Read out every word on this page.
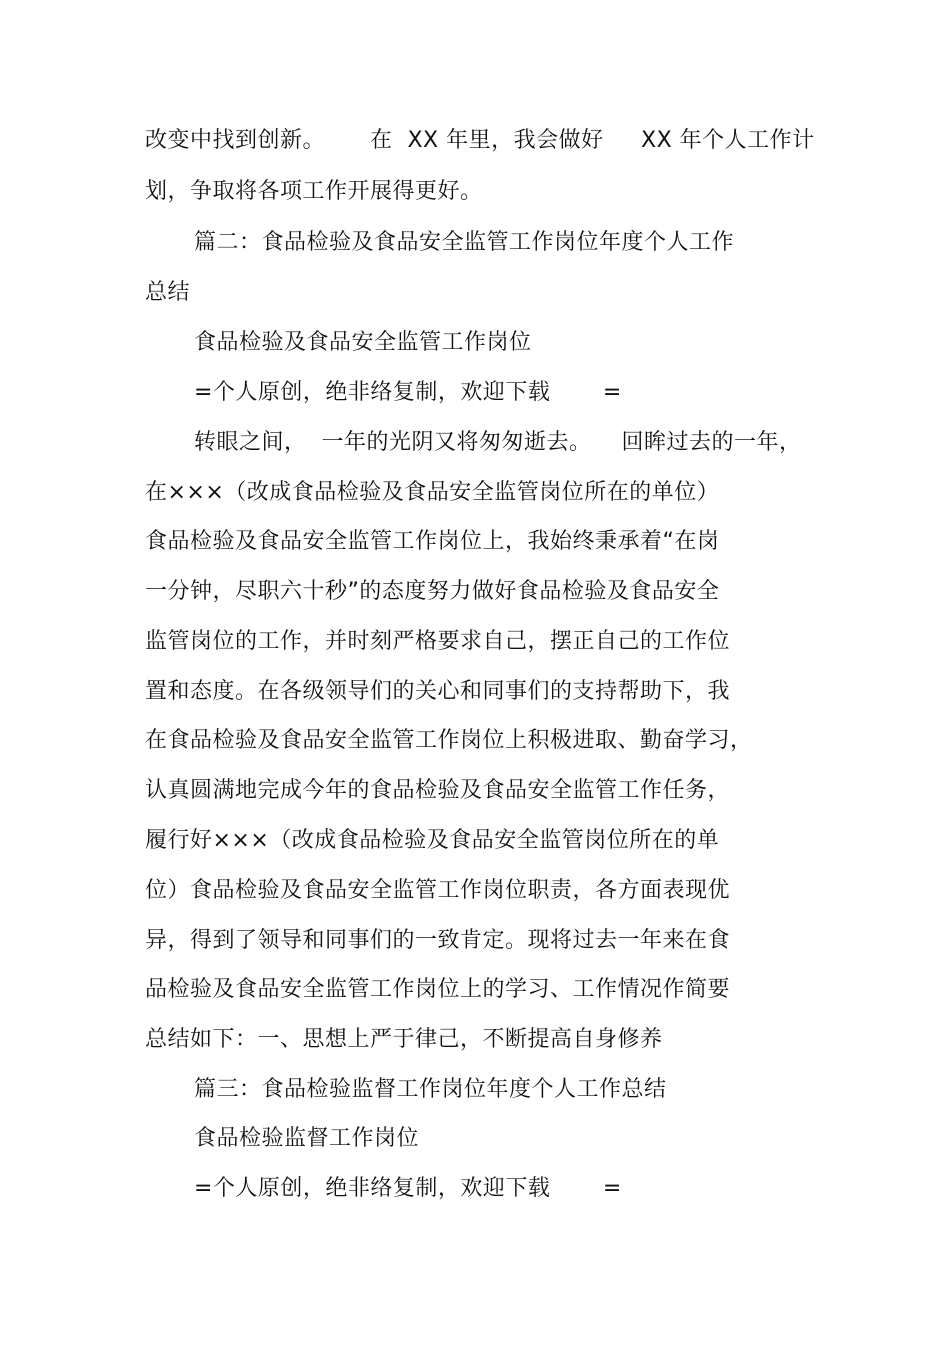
改变中找到创新。      在  XX 年里，我会做好     XX 年个人工作计
划，争取将各项工作开展得更好。
篇二：食品检验及食品安全监管工作岗位年度个人工作
总结
食品检验及食品安全监管工作岗位
=个人原创，绝非络复制，欢迎下载       =
转眼之间，  一年的光阴又将匆匆逝去。    回眸过去的一年，
在×××（改成食品检验及食品安全监管岗位所在的单位）
食品检验及食品安全监管工作岗位上，我始终秉承着“在岗
一分钟，尽职六十秒”的态度努力做好食品检验及食品安全
监管岗位的工作，并时刻严格要求自己，摆正自己的工作位
置和态度。在各级领导们的关心和同事们的支持帮助下，我
在食品检验及食品安全监管工作岗位上积极进取、勤奋学习，
认真圆满地完成今年的食品检验及食品安全监管工作任务，
履行好×××（改成食品检验及食品安全监管岗位所在的单
位）食品检验及食品安全监管工作岗位职责，各方面表现优
异，得到了领导和同事们的一致肯定。现将过去一年来在食
品检验及食品安全监管工作岗位上的学习、工作情况作简要
总结如下：一、思想上严于律己，不断提高自身修养
篇三：食品检验监督工作岗位年度个人工作总结
食品检验监督工作岗位
=个人原创，绝非络复制，欢迎下载       =
